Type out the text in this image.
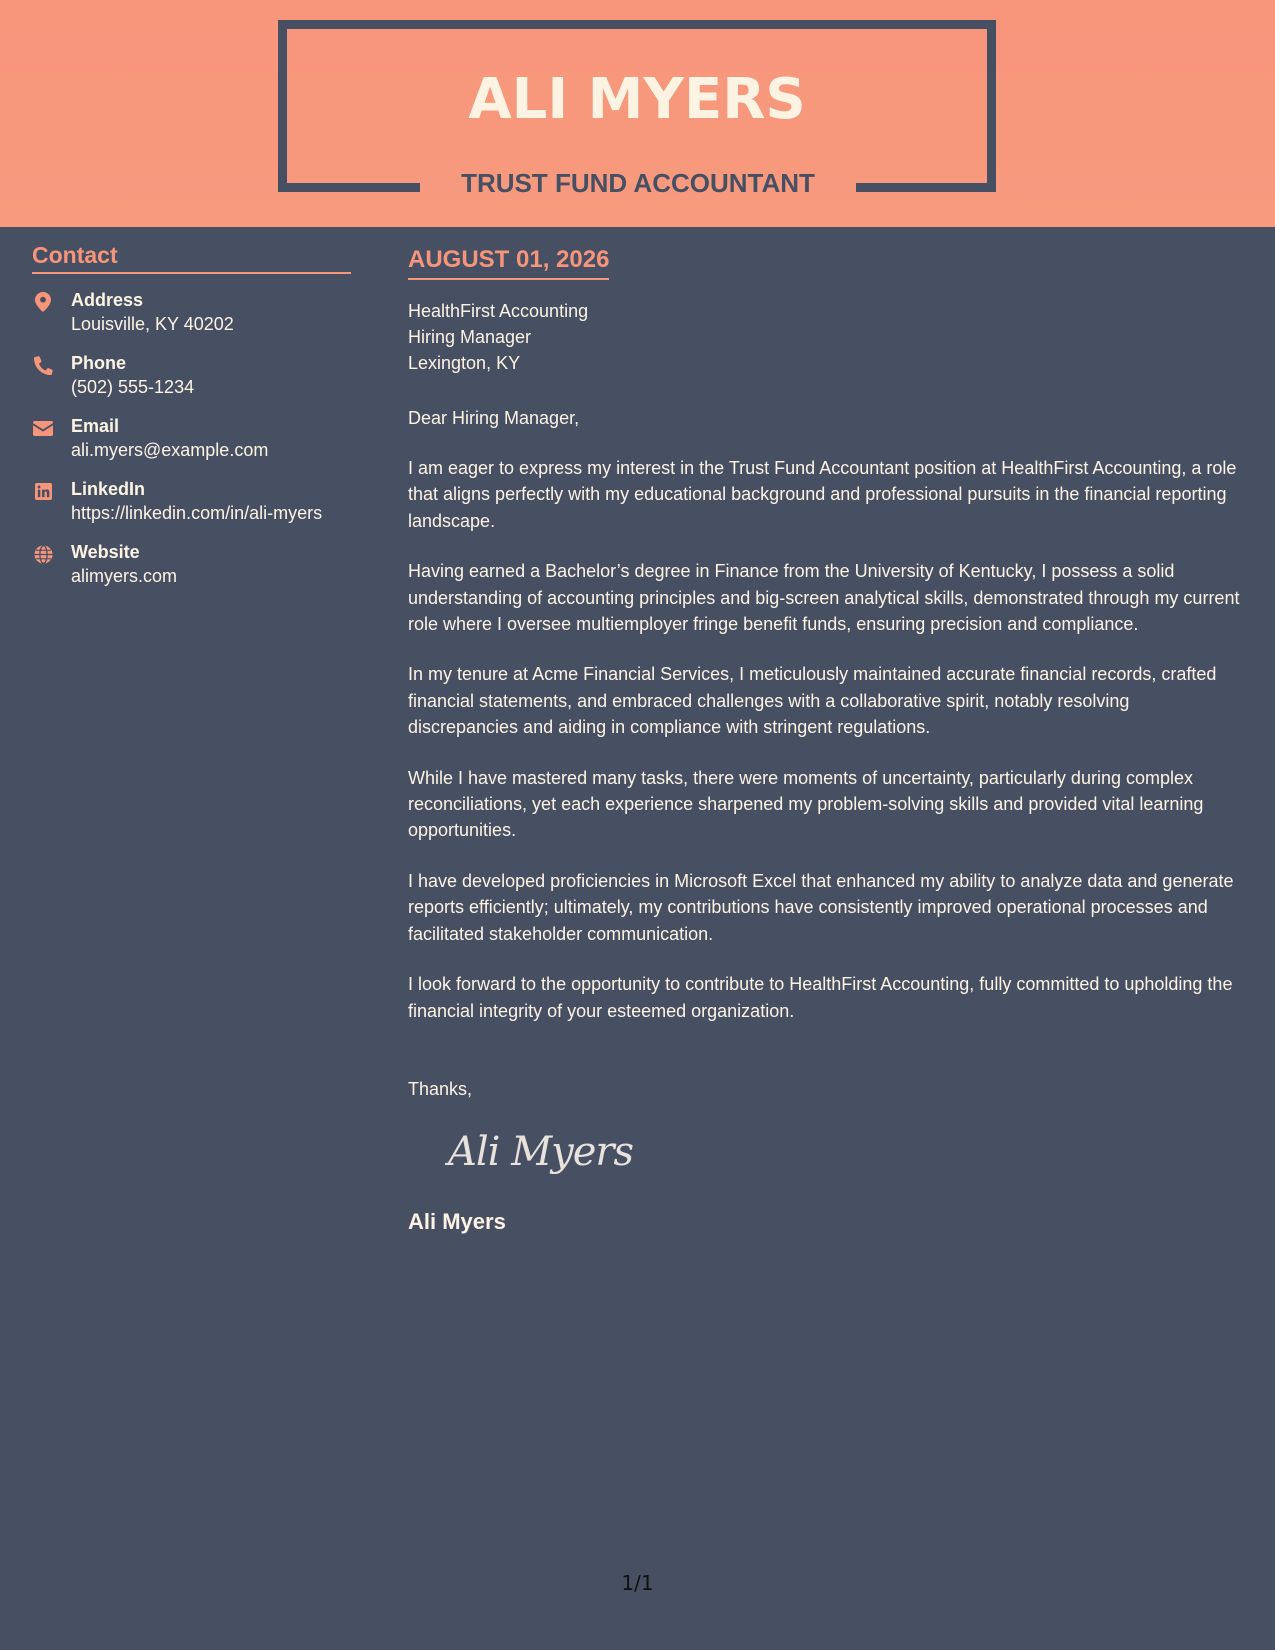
ALI MYERS
TRUST FUND ACCOUNTANT
Contact
Address
Louisville, KY 40202
Phone
(502) 555-1234
Email
ali.myers@example.com
LinkedIn
https://linkedin.com/in/ali-myers
Website
alimyers.com
AUGUST 01, 2026
HealthFirst Accounting
Hiring Manager
Lexington, KY
Dear Hiring Manager,

I am eager to express my interest in the Trust Fund Accountant position at HealthFirst Accounting, a role that aligns perfectly with my educational background and professional pursuits in the financial reporting landscape.

Having earned a Bachelor’s degree in Finance from the University of Kentucky, I possess a solid understanding of accounting principles and big-screen analytical skills, demonstrated through my current role where I oversee multiemployer fringe benefit funds, ensuring precision and compliance.

In my tenure at Acme Financial Services, I meticulously maintained accurate financial records, crafted financial statements, and embraced challenges with a collaborative spirit, notably resolving discrepancies and aiding in compliance with stringent regulations.

While I have mastered many tasks, there were moments of uncertainty, particularly during complex reconciliations, yet each experience sharpened my problem-solving skills and provided vital learning opportunities.

I have developed proficiencies in Microsoft Excel that enhanced my ability to analyze data and generate reports efficiently; ultimately, my contributions have consistently improved operational processes and facilitated stakeholder communication.

I look forward to the opportunity to contribute to HealthFirst Accounting, fully committed to upholding the financial integrity of your esteemed organization.

Thanks,
Ali Myers
Ali Myers
1/1
